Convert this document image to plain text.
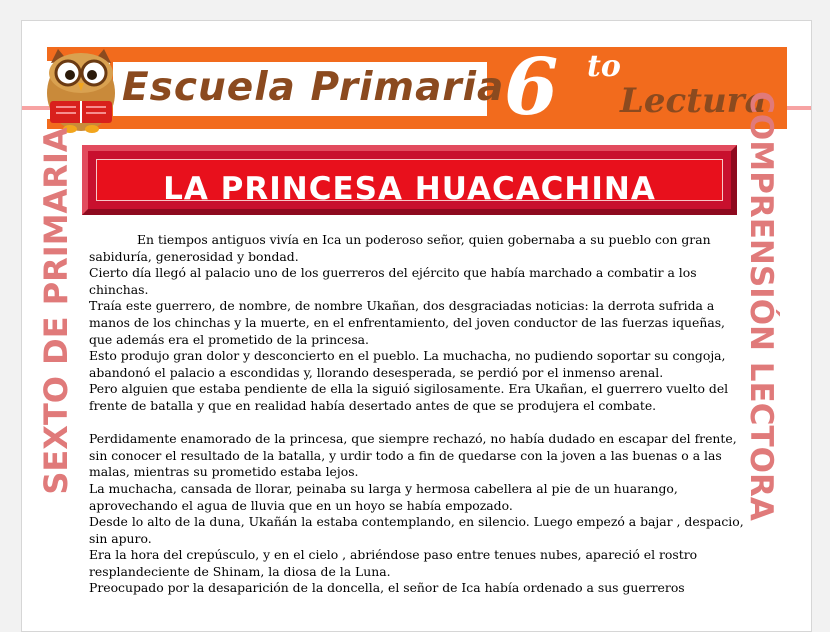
Escuela Primaria 6 to
Lectura
LA PRINCESA HUACACHINA
SEXTO DE PRIMARIA	COMPRENSIÓN LECTORA

En tiempos antiguos vivía en Ica un poderoso señor, quien gobernaba a su pueblo con gran sabiduría, generosidad y bondad.

Cierto día llegó al palacio uno de los guerreros del ejército que había marchado a combatir a los chinchas.

Traía este guerrero, de nombre, de nombre Ukañan, dos desgraciadas noticias: la derrota sufrida a manos de los chinchas y la muerte, en el enfrentamiento, del joven conductor de las fuerzas iqueñas, que además era el prometido de la princesa.

Esto produjo gran dolor y desconcierto en el pueblo. La muchacha, no pudiendo soportar su congoja, abandonó el palacio a escondidas y, llorando desesperada, se perdió por el inmenso arenal.

Pero alguien que estaba pendiente de ella la siguió sigilosamente. Era Ukañan, el guerrero vuelto del frente de batalla y que en realidad había desertado antes de que se produjera el combate.

Perdidamente enamorado de la princesa, que siempre rechazó, no había dudado en escapar del frente, sin conocer el resultado de la batalla, y urdir todo a fin de quedarse con la joven a las buenas o a las malas, mientras su prometido estaba lejos.

La muchacha, cansada de llorar, peinaba su larga y hermosa cabellera al pie de un huarango, aprovechando el agua de lluvia que en un hoyo se había empozado.

Desde lo alto de la duna, Ukañán la estaba contemplando, en silencio. Luego empezó a bajar , despacio, sin apuro.

Era la hora del crepúsculo, y en el cielo , abriéndose paso entre tenues nubes, apareció el rostro resplandeciente de Shinam, la diosa de la Luna.

Preocupado por la desaparición de la doncella, el señor de Ica había ordenado a sus guerreros
